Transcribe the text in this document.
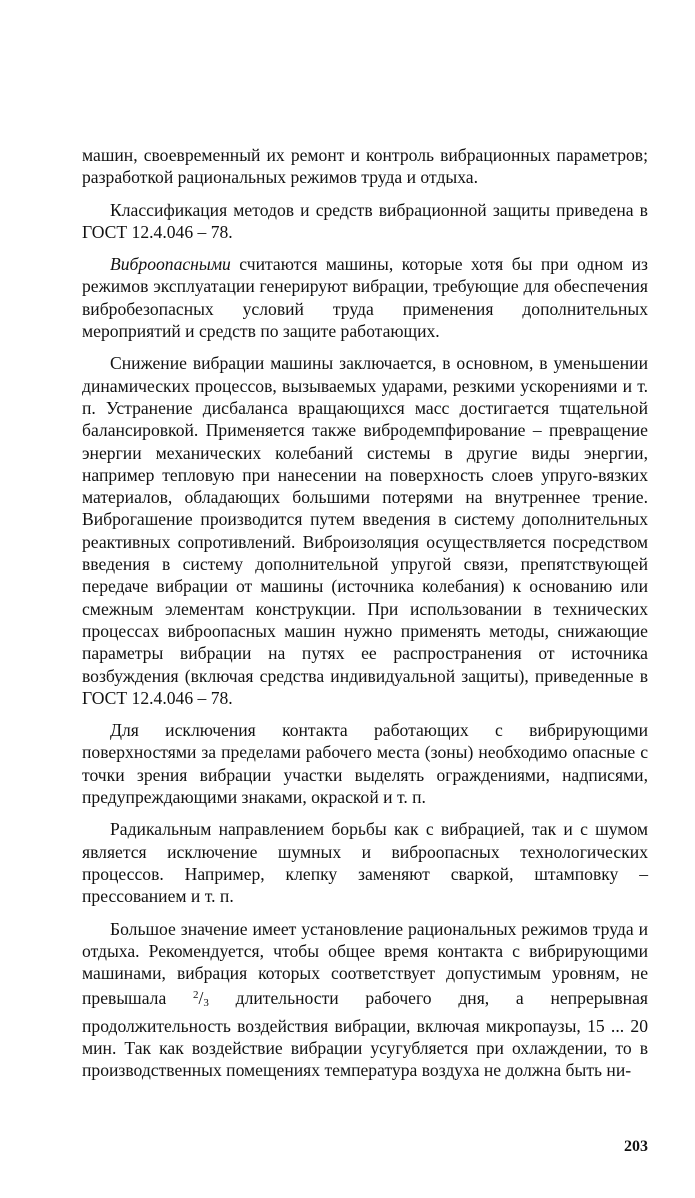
машин, своевременный их ремонт и контроль вибрационных параметров; разработкой рациональных режимов труда и отдыха.

Классификация методов и средств вибрационной защиты приведена в ГОСТ 12.4.046 – 78.

Виброопасными считаются машины, которые хотя бы при одном из режимов эксплуатации генерируют вибрации, требующие для обеспечения вибробезопасных условий труда применения дополнительных мероприятий и средств по защите работающих.

Снижение вибрации машины заключается, в основном, в уменьшении динамических процессов, вызываемых ударами, резкими ускорениями и т. п. Устранение дисбаланса вращающихся масс достигается тщательной балансировкой. Применяется также вибродемпфирование – превращение энергии механических колебаний системы в другие виды энергии, например тепловую при нанесении на поверхность слоев упруго-вязких материалов, обладающих большими потерями на внутреннее трение. Виброгашение производится путем введения в систему дополнительных реактивных сопротивлений. Виброизоляция осуществляется посредством введения в систему дополнительной упругой связи, препятствующей передаче вибрации от машины (источника колебания) к основанию или смежным элементам конструкции. При использовании в технических процессах виброопасных машин нужно применять методы, снижающие параметры вибрации на путях ее распространения от источника возбуждения (включая средства индивидуальной защиты), приведенные в ГОСТ 12.4.046 – 78.

Для исключения контакта работающих с вибрирующими поверхностями за пределами рабочего места (зоны) необходимо опасные с точки зрения вибрации участки выделять ограждениями, надписями, предупреждающими знаками, окраской и т. п.

Радикальным направлением борьбы как с вибрацией, так и с шумом является исключение шумных и виброопасных технологических процессов. Например, клепку заменяют сваркой, штамповку – прессованием и т. п.

Большое значение имеет установление рациональных режимов труда и отдыха. Рекомендуется, чтобы общее время контакта с вибрирующими машинами, вибрация которых соответствует допустимым уровням, не превышала $^2/_3$ длительности рабочего дня, а непрерывная продолжительность воздействия вибрации, включая микропаузы, 15 ... 20 мин. Так как воздействие вибрации усугубляется при охлаждении, то в производственных помещениях температура воздуха не должна быть ни-

203
